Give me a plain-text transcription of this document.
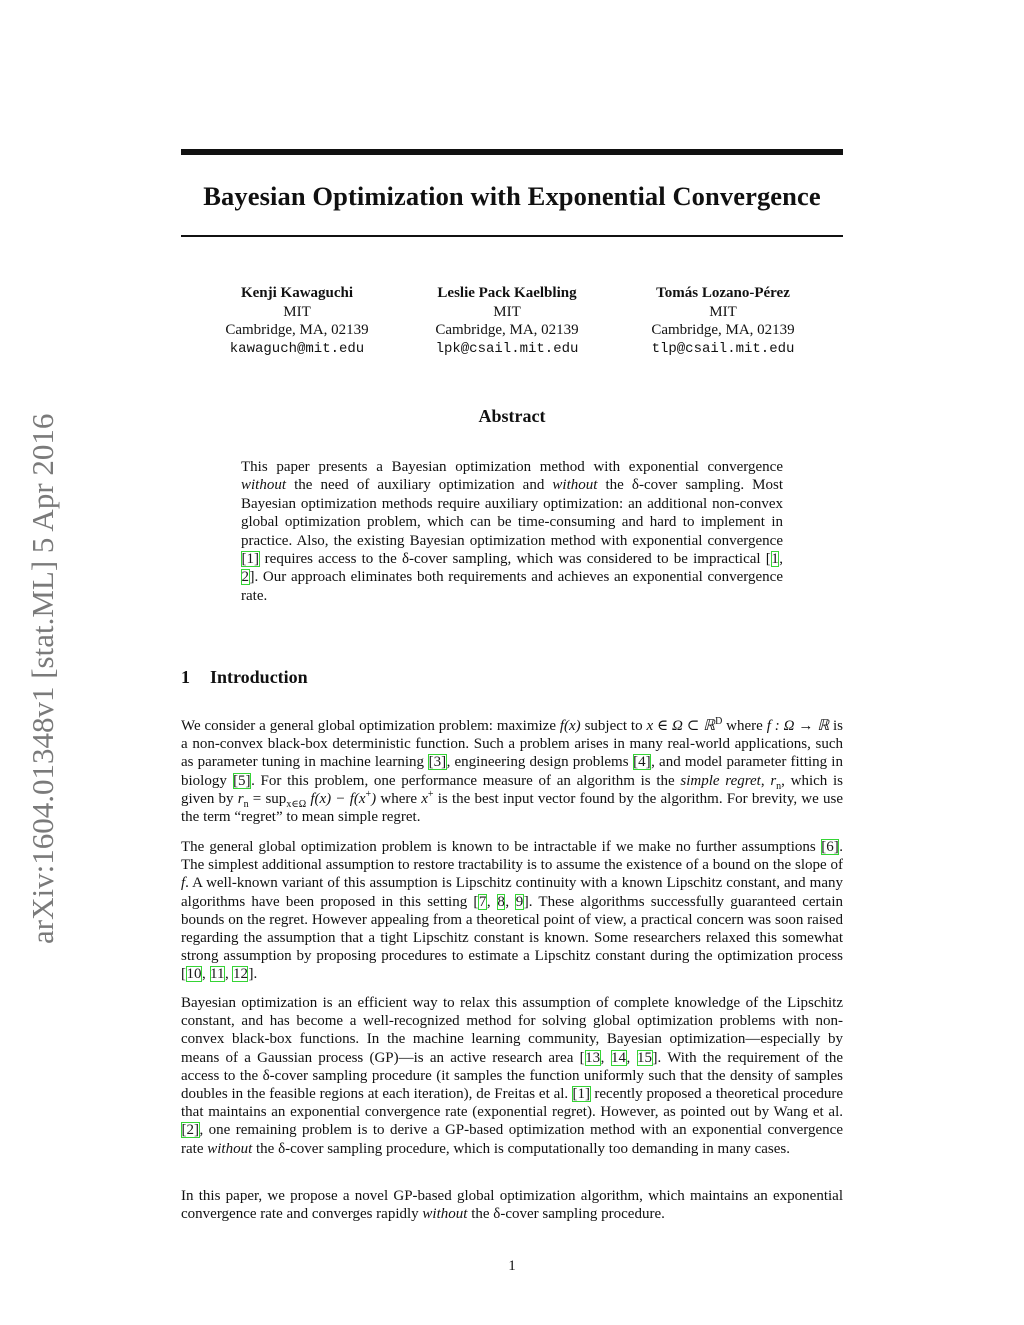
arXiv:1604.01348v1 [stat.ML] 5 Apr 2016
Bayesian Optimization with Exponential Convergence
Kenji Kawaguchi
MIT
Cambridge, MA, 02139
kawaguch@mit.edu
Leslie Pack Kaelbling
MIT
Cambridge, MA, 02139
lpk@csail.mit.edu
Tomás Lozano-Pérez
MIT
Cambridge, MA, 02139
tlp@csail.mit.edu
Abstract
This paper presents a Bayesian optimization method with exponential convergence without the need of auxiliary optimization and without the δ-cover sampling. Most Bayesian optimization methods require auxiliary optimization: an additional non-convex global optimization problem, which can be time-consuming and hard to implement in practice. Also, the existing Bayesian optimization method with exponential convergence [1] requires access to the δ-cover sampling, which was considered to be impractical [1, 2]. Our approach eliminates both requirements and achieves an exponential convergence rate.
1 Introduction

We consider a general global optimization problem: maximize f(x) subject to x ∈ Ω ⊂ ℝ$^D$ where f : Ω → ℝ is a non-convex black-box deterministic function. Such a problem arises in many real-world applications, such as parameter tuning in machine learning [3], engineering design problems [4], and model parameter fitting in biology [5]. For this problem, one performance measure of an algorithm is the simple regret, $r_n$, which is given by $r_n = sup_{x\in\Omega}$ f(x) − f(x+) where x+ is the best input vector found by the algorithm. For brevity, we use the term “regret” to mean simple regret.

The general global optimization problem is known to be intractable if we make no further assumptions [6]. The simplest additional assumption to restore tractability is to assume the existence of a bound on the slope of f. A well-known variant of this assumption is Lipschitz continuity with a known Lipschitz constant, and many algorithms have been proposed in this setting [7, 8, 9]. These algorithms successfully guaranteed certain bounds on the regret. However appealing from a theoretical point of view, a practical concern was soon raised regarding the assumption that a tight Lipschitz constant is known. Some researchers relaxed this somewhat strong assumption by proposing procedures to estimate a Lipschitz constant during the optimization process [10, 11, 12].

Bayesian optimization is an efficient way to relax this assumption of complete knowledge of the Lipschitz constant, and has become a well-recognized method for solving global optimization problems with non-convex black-box functions. In the machine learning community, Bayesian optimization—especially by means of a Gaussian process (GP)—is an active research area [13, 14, 15]. With the requirement of the access to the δ-cover sampling procedure (it samples the function uniformly such that the density of samples doubles in the feasible regions at each iteration), de Freitas et al. [1] recently proposed a theoretical procedure that maintains an exponential convergence rate (exponential regret). However, as pointed out by Wang et al. [2], one remaining problem is to derive a GP-based optimization method with an exponential convergence rate without the δ-cover sampling procedure, which is computationally too demanding in many cases.

In this paper, we propose a novel GP-based global optimization algorithm, which maintains an exponential convergence rate and converges rapidly without the δ-cover sampling procedure.

1
